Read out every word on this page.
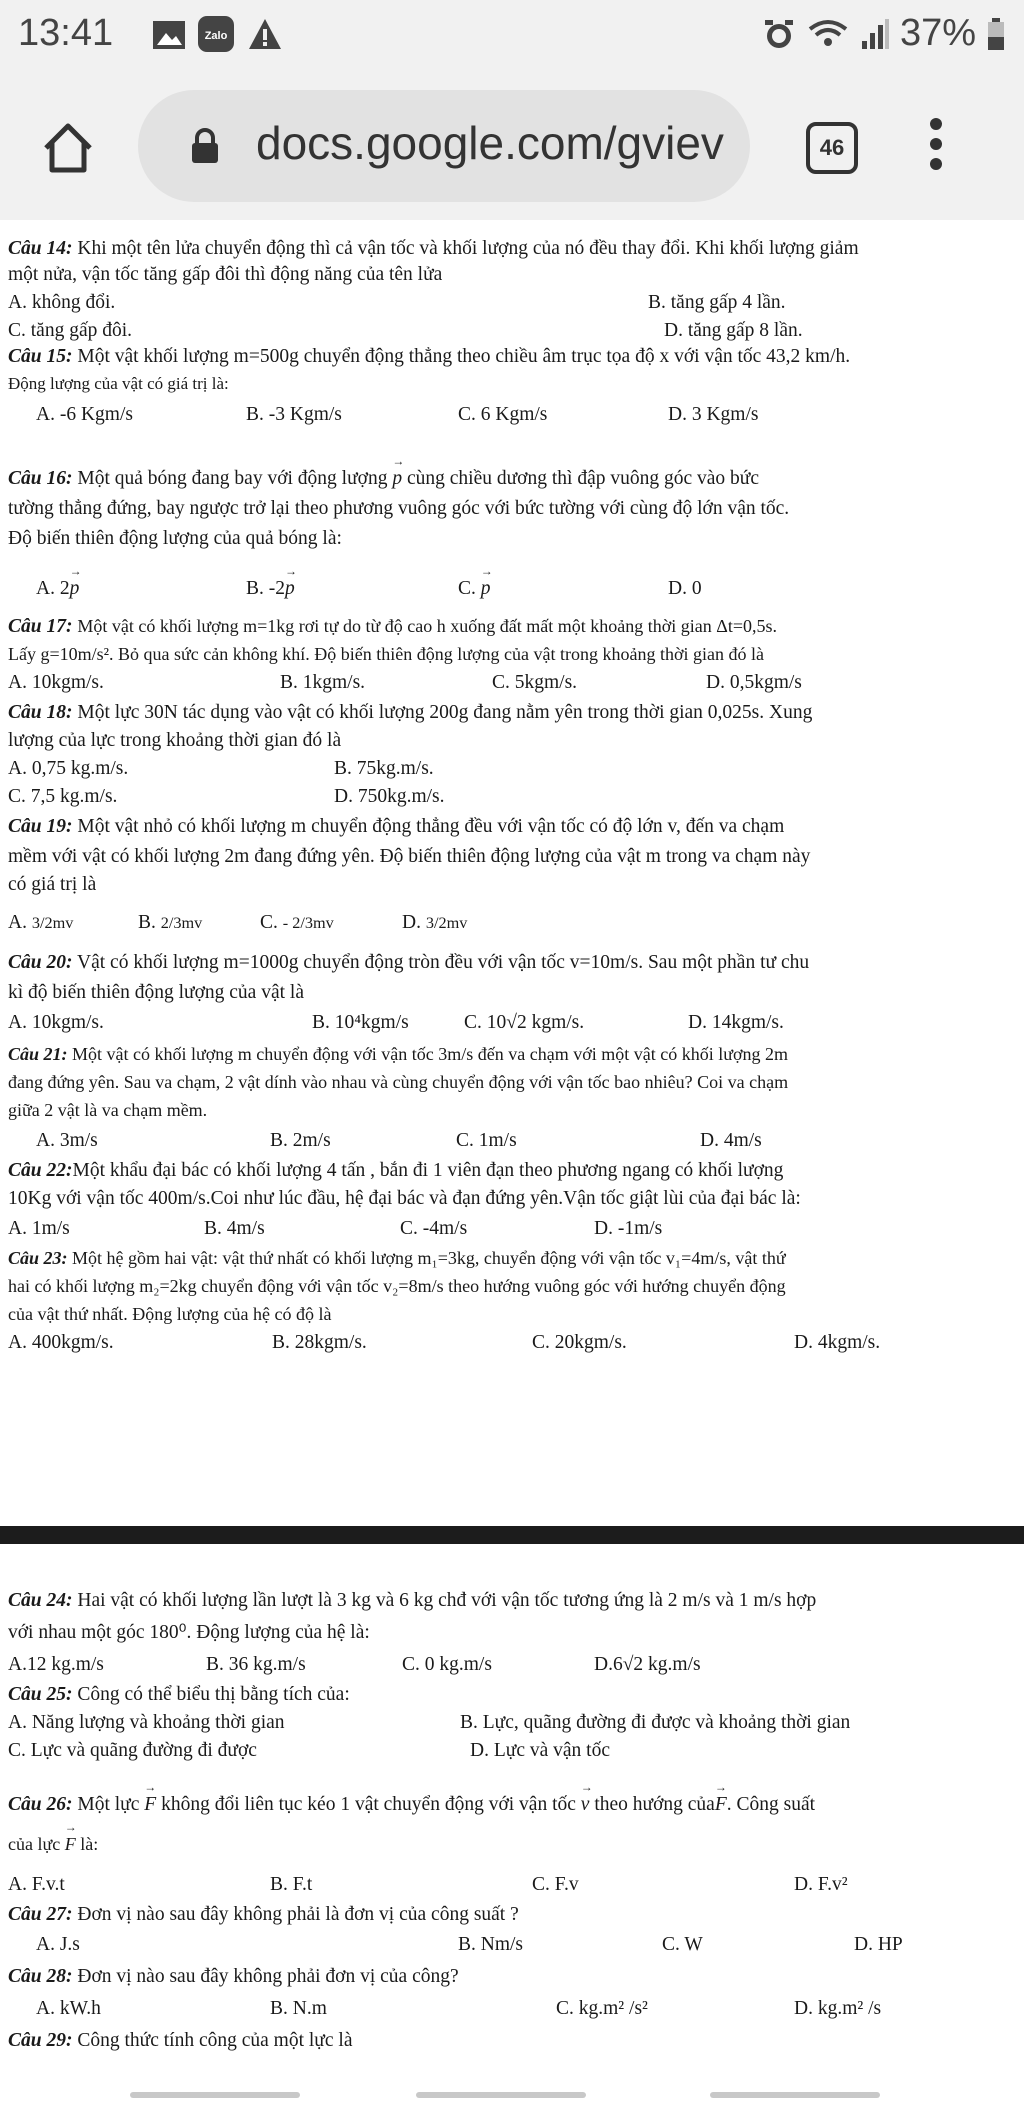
13:41	Zalo	37%
docs.google.com/gviev	46
Câu 14: Khi một tên lửa chuyển động thì cả vận tốc và khối lượng của nó đều thay đổi. Khi khối lượng giảm
một nửa, vận tốc tăng gấp đôi thì động năng của tên lửa
A. không đổi.	B. tăng gấp 4 lần.
C. tăng gấp đôi.	D. tăng gấp 8 lần.
Câu 15: Một vật khối lượng m=500g chuyển động thẳng theo chiều âm trục tọa độ x với vận tốc 43,2 km/h.
Động lượng của vật có giá trị là:
A. -6 Kgm/s	B. -3 Kgm/s	C. 6 Kgm/s	D. 3 Kgm/s
Câu 16: Một quả bóng đang bay với động lượng → p cùng chiều dương thì đập vuông góc vào bức
tường thẳng đứng, bay ngược trở lại theo phương vuông góc với bức tường với cùng độ lớn vận tốc.
Độ biến thiên động lượng của quả bóng là:
A. 2→ p	B. -2→ p	C. → p	D. 0
Câu 17: Một vật có khối lượng m=1kg rơi tự do từ độ cao h xuống đất mất một khoảng thời gian Δt=0,5s.
Lấy g=10m/s². Bỏ qua sức cản không khí. Độ biến thiên động lượng của vật trong khoảng thời gian đó là
A. 10kgm/s.	B. 1kgm/s.	C. 5kgm/s.	D. 0,5kgm/s
Câu 18: Một lực 30N tác dụng vào vật có khối lượng 200g đang nằm yên trong thời gian 0,025s. Xung
lượng của lực trong khoảng thời gian đó là
A. 0,75 kg.m/s.	B. 75kg.m/s.
C. 7,5 kg.m/s.	D. 750kg.m/s.
Câu 19: Một vật nhỏ có khối lượng m chuyển động thẳng đều với vận tốc có độ lớn v, đến va chạm
mềm với vật có khối lượng 2m đang đứng yên. Độ biến thiên động lượng của vật m trong va chạm này
có giá trị là
A. 3/2mv	B. 2/3mv	C. - 2/3mv	D. 3/2mv
Câu 20: Vật có khối lượng m=1000g chuyển động tròn đều với vận tốc v=10m/s. Sau một phần tư chu
kì độ biến thiên động lượng của vật là
A. 10kgm/s.	B. 10⁴kgm/s	C. 10√2 kgm/s.	D. 14kgm/s.
Câu 21: Một vật có khối lượng m chuyển động với vận tốc 3m/s đến va chạm với một vật có khối lượng 2m
đang đứng yên. Sau va chạm, 2 vật dính vào nhau và cùng chuyển động với vận tốc bao nhiêu? Coi va chạm
giữa 2 vật là va chạm mềm.
A. 3m/s	B. 2m/s	C. 1m/s	D. 4m/s
Câu 22:Một khẩu đại bác có khối lượng 4 tấn , bắn đi 1 viên đạn theo phương ngang có khối lượng
10Kg với vận tốc 400m/s.Coi như lúc đầu, hệ đại bác và đạn đứng yên.Vận tốc giật lùi của đại bác là:
A. 1m/s	B. 4m/s	C. -4m/s	D. -1m/s
Câu 23: Một hệ gồm hai vật: vật thứ nhất có khối lượng m₁=3kg, chuyển động với vận tốc v₁=4m/s, vật thứ
hai có khối lượng m₂=2kg chuyển động với vận tốc v₂=8m/s theo hướng vuông góc với hướng chuyển động
của vật thứ nhất. Động lượng của hệ có độ là
A. 400kgm/s.	B. 28kgm/s.	C. 20kgm/s.	D. 4kgm/s.
Câu 24: Hai vật có khối lượng lần lượt là 3 kg và 6 kg chđ với vận tốc tương ứng là 2 m/s và 1 m/s hợp
với nhau một góc 180⁰. Động lượng của hệ là:
A.12 kg.m/s	B. 36 kg.m/s	C. 0 kg.m/s	D.6√2 kg.m/s
Câu 25: Công có thể biểu thị bằng tích của:
A. Năng lượng và khoảng thời gian	B. Lực, quãng đường đi được và khoảng thời gian
C. Lực và quãng đường đi được	D. Lực và vận tốc
Câu 26: Một lực → F không đổi liên tục kéo 1 vật chuyển động với vận tốc → v theo hướng của→ F. Công suất
của lực → F là:
A. F.v.t	B. F.t	C. F.v	D. F.v²
Câu 27: Đơn vị nào sau đây không phải là đơn vị của công suất ?
A. J.s	B. Nm/s	C. W	D. HP
Câu 28: Đơn vị nào sau đây không phải đơn vị của công?
A. kW.h	B. N.m	C. kg.m² /s²	D. kg.m² /s
Câu 29: Công thức tính công của một lực là
